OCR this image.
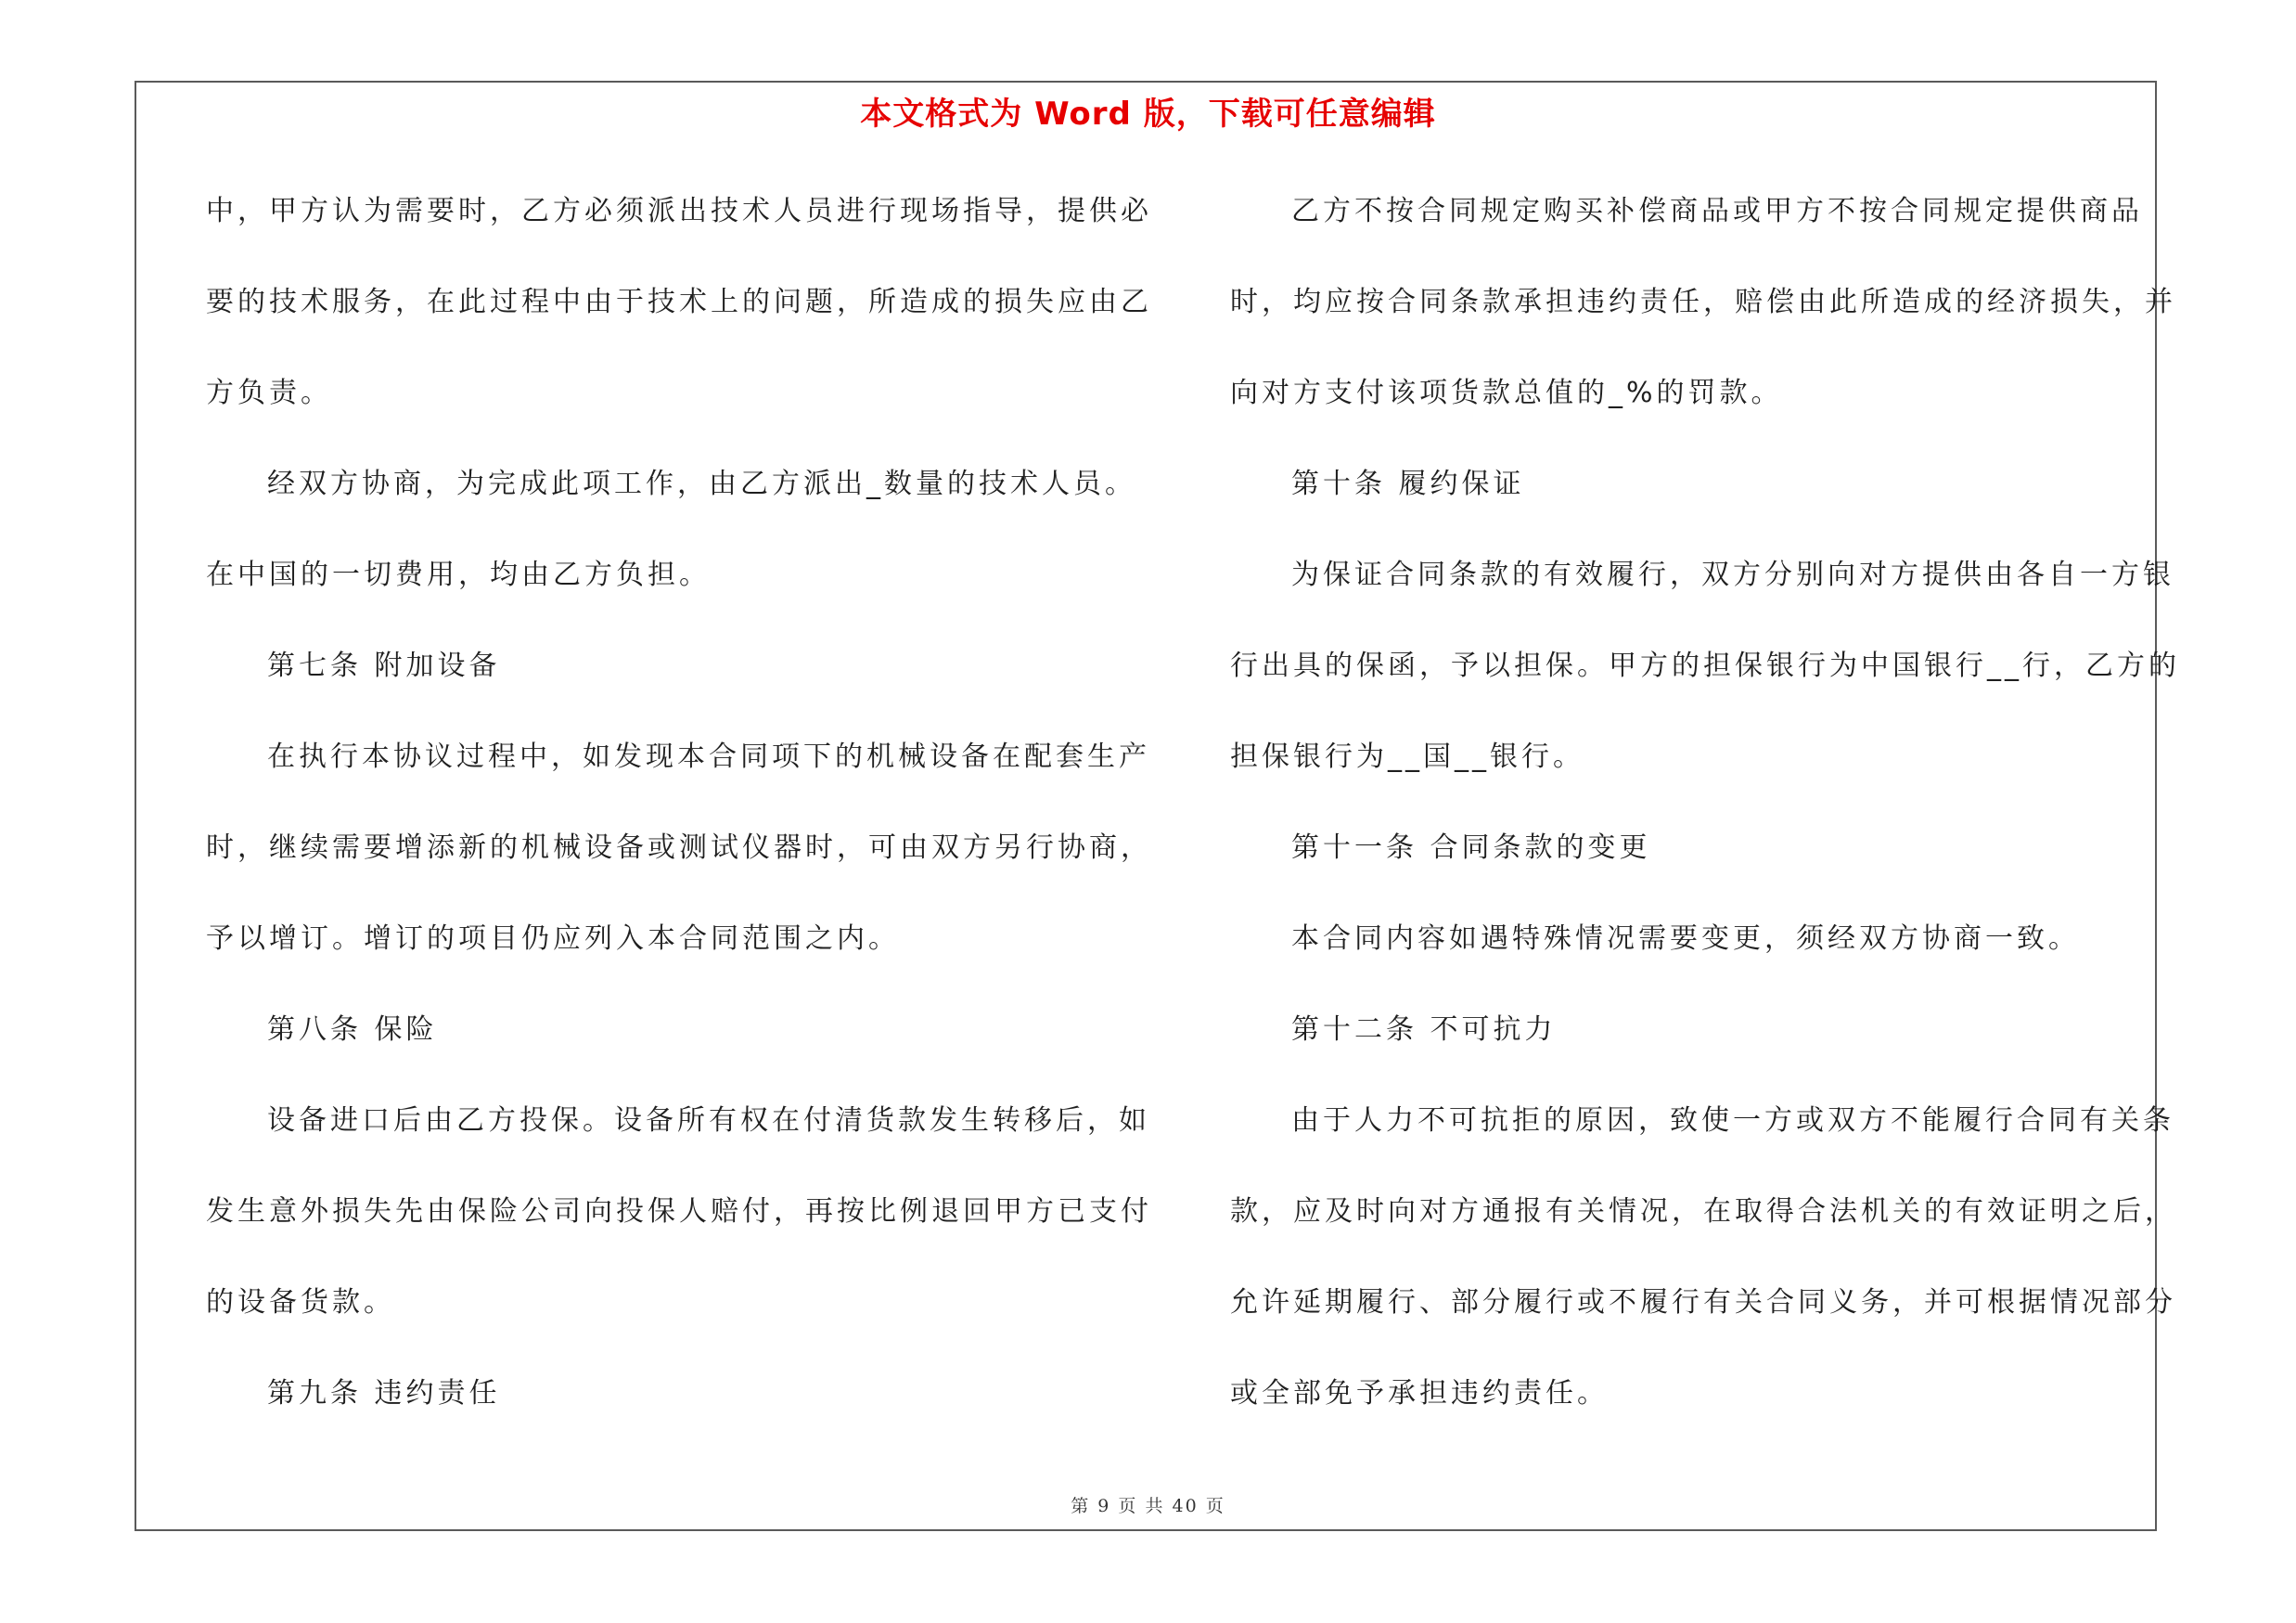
本文格式为 Word 版，下载可任意编辑
中，甲方认为需要时，乙方必须派出技术人员进行现场指导，提供必
要的技术服务，在此过程中由于技术上的问题，所造成的损失应由乙
方负责。
经双方协商，为完成此项工作，由乙方派出_数量的技术人员。
在中国的一切费用，均由乙方负担。
第七条 附加设备
在执行本协议过程中，如发现本合同项下的机械设备在配套生产
时，继续需要增添新的机械设备或测试仪器时，可由双方另行协商，
予以增订。增订的项目仍应列入本合同范围之内。
第八条 保险
设备进口后由乙方投保。设备所有权在付清货款发生转移后，如
发生意外损失先由保险公司向投保人赔付，再按比例退回甲方已支付
的设备货款。
第九条 违约责任
乙方不按合同规定购买补偿商品或甲方不按合同规定提供商品
时，均应按合同条款承担违约责任，赔偿由此所造成的经济损失，并
向对方支付该项货款总值的_%的罚款。
第十条 履约保证
为保证合同条款的有效履行，双方分别向对方提供由各自一方银
行出具的保函，予以担保。甲方的担保银行为中国银行__行，乙方的
担保银行为__国__银行。
第十一条 合同条款的变更
本合同内容如遇特殊情况需要变更，须经双方协商一致。
第十二条 不可抗力
由于人力不可抗拒的原因，致使一方或双方不能履行合同有关条
款，应及时向对方通报有关情况，在取得合法机关的有效证明之后，
允许延期履行、部分履行或不履行有关合同义务，并可根据情况部分
或全部免予承担违约责任。
第 9 页 共 40 页
